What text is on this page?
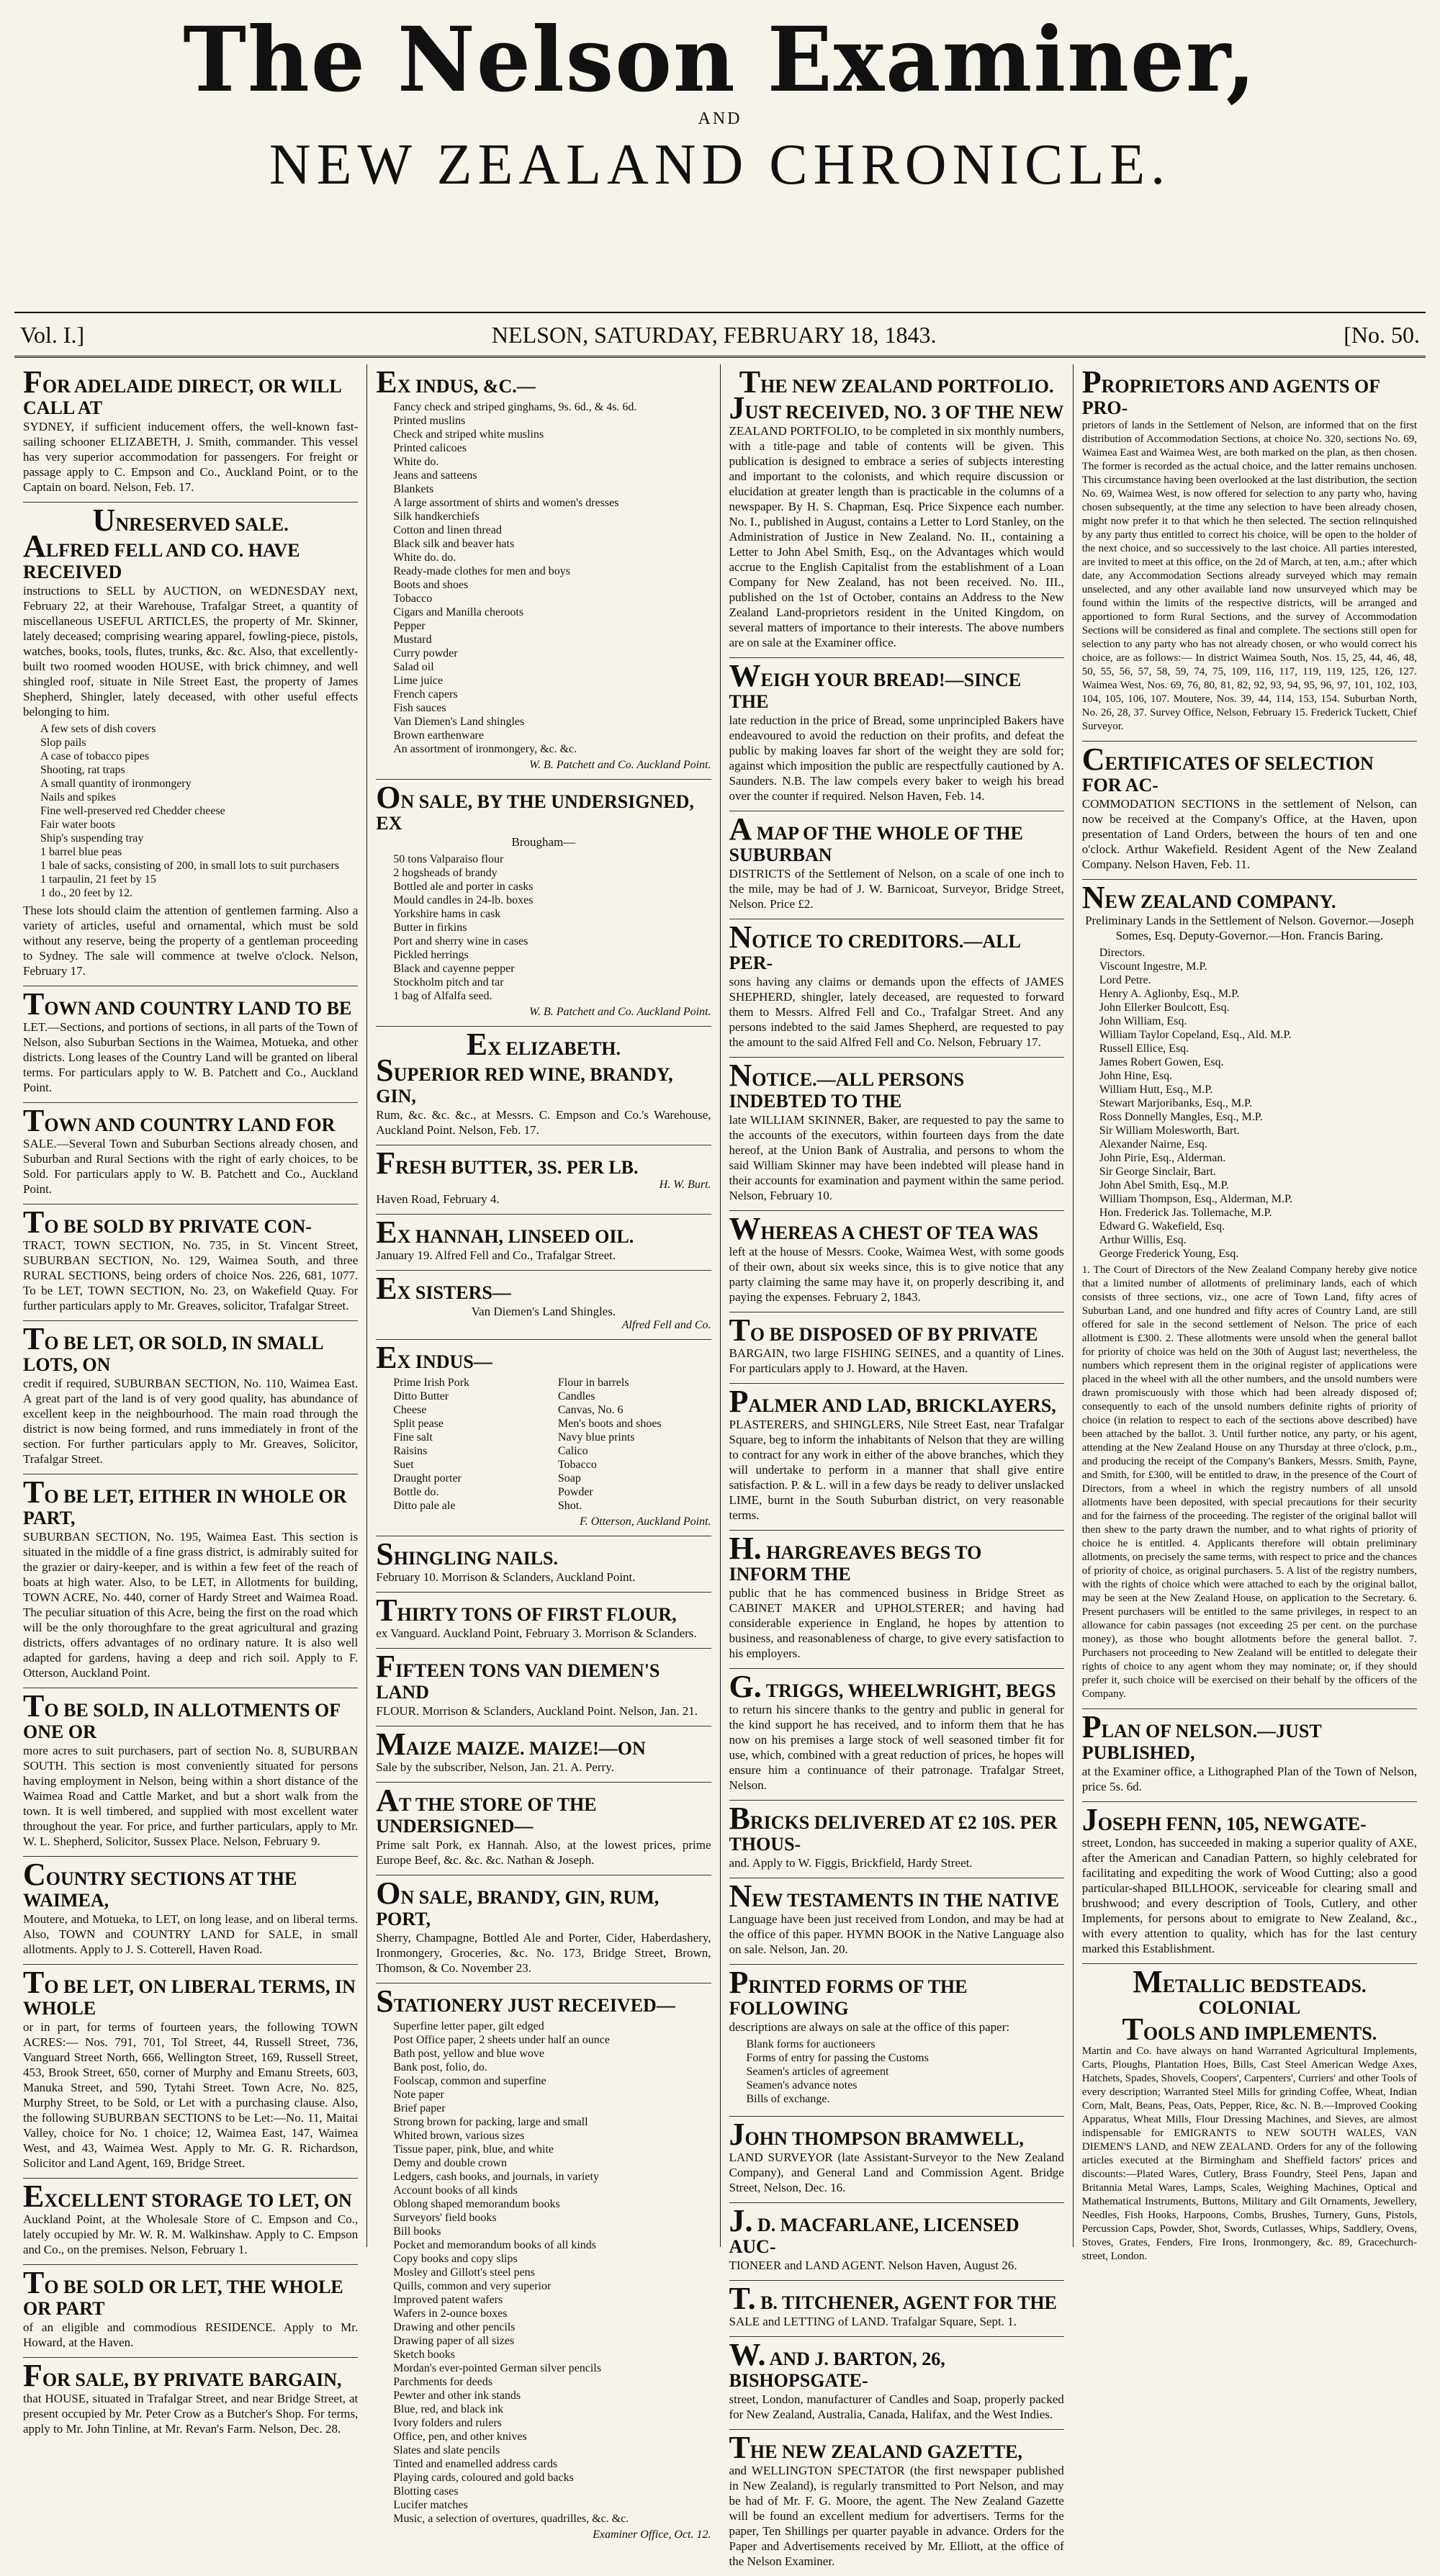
The Nelson Examiner,
AND
NEW ZEALAND CHRONICLE.
Vol. I.]	NELSON, SATURDAY, FEBRUARY 18, 1843.	[No. 50.
FOR ADELAIDE DIRECT, OR WILL CALL AT
SYDNEY, if sufficient inducement offers, the well-known fast-sailing schooner ELIZABETH, J. Smith, commander. This vessel has very superior accommodation for passengers. For freight or passage apply to C. Empson and Co., Auckland Point, or to the Captain on board. Nelson, Feb. 17.
UNRESERVED SALE.
ALFRED FELL AND CO. HAVE RECEIVED
instructions to SELL by AUCTION, on WEDNESDAY next, February 22, at their Warehouse, Trafalgar Street, a quantity of miscellaneous USEFUL ARTICLES, the property of Mr. Skinner, lately deceased; comprising wearing apparel, fowling-piece, pistols, watches, books, tools, flutes, trunks, &c. &c. Also, that excellently-built two roomed wooden HOUSE, with brick chimney, and well shingled roof, situate in Nile Street East, the property of James Shepherd, Shingler, lately deceased, with other useful effects belonging to him.
A few sets of dish covers
Slop pails
A case of tobacco pipes
Shooting, rat traps
A small quantity of ironmongery
Nails and spikes
Fine well-preserved red Chedder cheese
Fair water boots
Ship's suspending tray
1 barrel blue peas
1 bale of sacks, consisting of 200, in small lots to suit purchasers
1 tarpaulin, 21 feet by 15
1 do., 20 feet by 12.
These lots should claim the attention of gentlemen farming. Also a variety of articles, useful and ornamental, which must be sold without any reserve, being the property of a gentleman proceeding to Sydney. The sale will commence at twelve o'clock. Nelson, February 17.
TOWN AND COUNTRY LAND TO BE
LET.—Sections, and portions of sections, in all parts of the Town of Nelson, also Suburban Sections in the Waimea, Motueka, and other districts. Long leases of the Country Land will be granted on liberal terms. For particulars apply to W. B. Patchett and Co., Auckland Point.
TOWN AND COUNTRY LAND FOR
SALE.—Several Town and Suburban Sections already chosen, and Suburban and Rural Sections with the right of early choices, to be Sold. For particulars apply to W. B. Patchett and Co., Auckland Point.
TO BE SOLD BY PRIVATE CON-
TRACT, TOWN SECTION, No. 735, in St. Vincent Street, SUBURBAN SECTION, No. 129, Waimea South, and three RURAL SECTIONS, being orders of choice Nos. 226, 681, 1077. To be LET, TOWN SECTION, No. 23, on Wakefield Quay. For further particulars apply to Mr. Greaves, solicitor, Trafalgar Street.
TO BE LET, OR SOLD, IN SMALL LOTS, ON
credit if required, SUBURBAN SECTION, No. 110, Waimea East. A great part of the land is of very good quality, has abundance of excellent keep in the neighbourhood. The main road through the district is now being formed, and runs immediately in front of the section. For further particulars apply to Mr. Greaves, Solicitor, Trafalgar Street.
TO BE LET, EITHER IN WHOLE OR PART,
SUBURBAN SECTION, No. 195, Waimea East. This section is situated in the middle of a fine grass district, is admirably suited for the grazier or dairy-keeper, and is within a few feet of the reach of boats at high water. Also, to be LET, in Allotments for building, TOWN ACRE, No. 440, corner of Hardy Street and Waimea Road. The peculiar situation of this Acre, being the first on the road which will be the only thoroughfare to the great agricultural and grazing districts, offers advantages of no ordinary nature. It is also well adapted for gardens, having a deep and rich soil. Apply to F. Otterson, Auckland Point.
TO BE SOLD, IN ALLOTMENTS OF ONE OR
more acres to suit purchasers, part of section No. 8, SUBURBAN SOUTH. This section is most conveniently situated for persons having employment in Nelson, being within a short distance of the Waimea Road and Cattle Market, and but a short walk from the town. It is well timbered, and supplied with most excellent water throughout the year. For price, and further particulars, apply to Mr. W. L. Shepherd, Solicitor, Sussex Place. Nelson, February 9.
COUNTRY SECTIONS AT THE WAIMEA,
Moutere, and Motueka, to LET, on long lease, and on liberal terms. Also, TOWN and COUNTRY LAND for SALE, in small allotments. Apply to J. S. Cotterell, Haven Road.
TO BE LET, ON LIBERAL TERMS, IN WHOLE
or in part, for terms of fourteen years, the following TOWN ACRES:— Nos. 791, 701, Tol Street, 44, Russell Street, 736, Vanguard Street North, 666, Wellington Street, 169, Russell Street, 453, Brook Street, 650, corner of Murphy and Emanu Streets, 603, Manuka Street, and 590, Tytahi Street. Town Acre, No. 825, Murphy Street, to be Sold, or Let with a purchasing clause. Also, the following SUBURBAN SECTIONS to be Let:—No. 11, Maitai Valley, choice for No. 1 choice; 12, Waimea East, 147, Waimea West, and 43, Waimea West. Apply to Mr. G. R. Richardson, Solicitor and Land Agent, 169, Bridge Street.
EXCELLENT STORAGE TO LET, ON
Auckland Point, at the Wholesale Store of C. Empson and Co., lately occupied by Mr. W. R. M. Walkinshaw. Apply to C. Empson and Co., on the premises. Nelson, February 1.
TO BE SOLD OR LET, THE WHOLE OR PART
of an eligible and commodious RESIDENCE. Apply to Mr. Howard, at the Haven.
FOR SALE, BY PRIVATE BARGAIN,
that HOUSE, situated in Trafalgar Street, and near Bridge Street, at present occupied by Mr. Peter Crow as a Butcher's Shop. For terms, apply to Mr. John Tinline, at Mr. Revan's Farm. Nelson, Dec. 28.
EX INDUS, &C.—
Fancy check and striped ginghams, 9s. 6d., & 4s. 6d.
Printed muslins
Check and striped white muslins
Printed calicoes
White do.
Jeans and satteens
Blankets
A large assortment of shirts and women's dresses
Silk handkerchiefs
Cotton and linen thread
Black silk and beaver hats
White do. do.
Ready-made clothes for men and boys
Boots and shoes
Tobacco
Cigars and Manilla cheroots
Pepper
Mustard
Curry powder
Salad oil
Lime juice
French capers
Fish sauces
Van Diemen's Land shingles
Brown earthenware
An assortment of ironmongery, &c. &c.
W. B. Patchett and Co. Auckland Point.
ON SALE, BY THE UNDERSIGNED, EX
Brougham—
50 tons Valparaiso flour
2 hogsheads of brandy
Bottled ale and porter in casks
Mould candles in 24-lb. boxes
Yorkshire hams in cask
Butter in firkins
Port and sherry wine in cases
Pickled herrings
Black and cayenne pepper
Stockholm pitch and tar
1 bag of Alfalfa seed.
W. B. Patchett and Co. Auckland Point.
EX ELIZABETH.
SUPERIOR RED WINE, BRANDY, GIN,
Rum, &c. &c. &c., at Messrs. C. Empson and Co.'s Warehouse, Auckland Point. Nelson, Feb. 17.
FRESH BUTTER, 3S. PER LB.
H. W. Burt.
Haven Road, February 4.
EX HANNAH, LINSEED OIL.
January 19. Alfred Fell and Co., Trafalgar Street.
EX SISTERS—
Van Diemen's Land Shingles.
Alfred Fell and Co.
EX INDUS—
Prime Irish Pork
Ditto Butter
Cheese
Split pease
Fine salt
Raisins
Suet
Draught porter
Bottle do.
Ditto pale ale
Flour in barrels
Candles
Canvas, No. 6
Men's boots and shoes
Navy blue prints
Calico
Tobacco
Soap
Powder
Shot.
F. Otterson, Auckland Point.
SHINGLING NAILS.
February 10. Morrison & Sclanders, Auckland Point.
THIRTY TONS OF FIRST FLOUR,
ex Vanguard. Auckland Point, February 3. Morrison & Sclanders.
FIFTEEN TONS VAN DIEMEN'S LAND
FLOUR. Morrison & Sclanders, Auckland Point. Nelson, Jan. 21.
MAIZE MAIZE. MAIZE!—ON
Sale by the subscriber, Nelson, Jan. 21. A. Perry.
AT THE STORE OF THE UNDERSIGNED—
Prime salt Pork, ex Hannah. Also, at the lowest prices, prime Europe Beef, &c. &c. &c. Nathan & Joseph.
ON SALE, BRANDY, GIN, RUM, PORT,
Sherry, Champagne, Bottled Ale and Porter, Cider, Haberdashery, Ironmongery, Groceries, &c. No. 173, Bridge Street, Brown, Thomson, & Co. November 23.
STATIONERY JUST RECEIVED—
Superfine letter paper, gilt edged
Post Office paper, 2 sheets under half an ounce
Bath post, yellow and blue wove
Bank post, folio, do.
Foolscap, common and superfine
Note paper
Brief paper
Strong brown for packing, large and small
Whited brown, various sizes
Tissue paper, pink, blue, and white
Demy and double crown
Ledgers, cash books, and journals, in variety
Account books of all kinds
Oblong shaped memorandum books
Surveyors' field books
Bill books
Pocket and memorandum books of all kinds
Copy books and copy slips
Mosley and Gillott's steel pens
Quills, common and very superior
Improved patent wafers
Wafers in 2-ounce boxes
Drawing and other pencils
Drawing paper of all sizes
Sketch books
Mordan's ever-pointed German silver pencils
Parchments for deeds
Pewter and other ink stands
Blue, red, and black ink
Ivory folders and rulers
Office, pen, and other knives
Slates and slate pencils
Tinted and enamelled address cards
Playing cards, coloured and gold backs
Blotting cases
Lucifer matches
Music, a selection of overtures, quadrilles, &c. &c.
Examiner Office, Oct. 12.
THE NEW ZEALAND PORTFOLIO.
JUST RECEIVED, NO. 3 OF THE NEW
ZEALAND PORTFOLIO, to be completed in six monthly numbers, with a title-page and table of contents will be given. This publication is designed to embrace a series of subjects interesting and important to the colonists, and which require discussion or elucidation at greater length than is practicable in the columns of a newspaper. By H. S. Chapman, Esq. Price Sixpence each number. No. I., published in August, contains a Letter to Lord Stanley, on the Administration of Justice in New Zealand. No. II., containing a Letter to John Abel Smith, Esq., on the Advantages which would accrue to the English Capitalist from the establishment of a Loan Company for New Zealand, has not been received. No. III., published on the 1st of October, contains an Address to the New Zealand Land-proprietors resident in the United Kingdom, on several matters of importance to their interests. The above numbers are on sale at the Examiner office.
WEIGH YOUR BREAD!—SINCE THE
late reduction in the price of Bread, some unprincipled Bakers have endeavoured to avoid the reduction on their profits, and defeat the public by making loaves far short of the weight they are sold for; against which imposition the public are respectfully cautioned by A. Saunders. N.B. The law compels every baker to weigh his bread over the counter if required. Nelson Haven, Feb. 14.
A MAP OF THE WHOLE OF THE SUBURBAN
DISTRICTS of the Settlement of Nelson, on a scale of one inch to the mile, may be had of J. W. Barnicoat, Surveyor, Bridge Street, Nelson. Price £2.
NOTICE TO CREDITORS.—ALL PER-
sons having any claims or demands upon the effects of JAMES SHEPHERD, shingler, lately deceased, are requested to forward them to Messrs. Alfred Fell and Co., Trafalgar Street. And any persons indebted to the said James Shepherd, are requested to pay the amount to the said Alfred Fell and Co. Nelson, February 17.
NOTICE.—ALL PERSONS INDEBTED TO THE
late WILLIAM SKINNER, Baker, are requested to pay the same to the accounts of the executors, within fourteen days from the date hereof, at the Union Bank of Australia, and persons to whom the said William Skinner may have been indebted will please hand in their accounts for examination and payment within the same period. Nelson, February 10.
WHEREAS A CHEST OF TEA WAS
left at the house of Messrs. Cooke, Waimea West, with some goods of their own, about six weeks since, this is to give notice that any party claiming the same may have it, on properly describing it, and paying the expenses. February 2, 1843.
TO BE DISPOSED OF BY PRIVATE
BARGAIN, two large FISHING SEINES, and a quantity of Lines. For particulars apply to J. Howard, at the Haven.
PALMER AND LAD, BRICKLAYERS,
PLASTERERS, and SHINGLERS, Nile Street East, near Trafalgar Square, beg to inform the inhabitants of Nelson that they are willing to contract for any work in either of the above branches, which they will undertake to perform in a manner that shall give entire satisfaction. P. & L. will in a few days be ready to deliver unslacked LIME, burnt in the South Suburban district, on very reasonable terms.
H. HARGREAVES BEGS TO INFORM THE
public that he has commenced business in Bridge Street as CABINET MAKER and UPHOLSTERER; and having had considerable experience in England, he hopes by attention to business, and reasonableness of charge, to give every satisfaction to his employers.
G. TRIGGS, WHEELWRIGHT, BEGS
to return his sincere thanks to the gentry and public in general for the kind support he has received, and to inform them that he has now on his premises a large stock of well seasoned timber fit for use, which, combined with a great reduction of prices, he hopes will ensure him a continuance of their patronage. Trafalgar Street, Nelson.
BRICKS DELIVERED AT £2 10S. PER THOUS-
and. Apply to W. Figgis, Brickfield, Hardy Street.
NEW TESTAMENTS IN THE NATIVE
Language have been just received from London, and may be had at the office of this paper. HYMN BOOK in the Native Language also on sale. Nelson, Jan. 20.
PRINTED FORMS OF THE FOLLOWING
descriptions are always on sale at the office of this paper:
Blank forms for auctioneers
Forms of entry for passing the Customs
Seamen's articles of agreement
Seamen's advance notes
Bills of exchange.
JOHN THOMPSON BRAMWELL,
LAND SURVEYOR (late Assistant-Surveyor to the New Zealand Company), and General Land and Commission Agent. Bridge Street, Nelson, Dec. 16.
J. D. MACFARLANE, LICENSED AUC-
TIONEER and LAND AGENT. Nelson Haven, August 26.
T. B. TITCHENER, AGENT FOR THE
SALE and LETTING of LAND. Trafalgar Square, Sept. 1.
W. AND J. BARTON, 26, BISHOPSGATE-
street, London, manufacturer of Candles and Soap, properly packed for New Zealand, Australia, Canada, Halifax, and the West Indies.
THE NEW ZEALAND GAZETTE,
and WELLINGTON SPECTATOR (the first newspaper published in New Zealand), is regularly transmitted to Port Nelson, and may be had of Mr. F. G. Moore, the agent. The New Zealand Gazette will be found an excellent medium for advertisers. Terms for the paper, Ten Shillings per quarter payable in advance. Orders for the Paper and Advertisements received by Mr. Elliott, at the office of the Nelson Examiner.
PROPRIETORS AND AGENTS OF PRO-
prietors of lands in the Settlement of Nelson, are informed that on the first distribution of Accommodation Sections, at choice No. 320, sections No. 69, Waimea East and Waimea West, are both marked on the plan, as then chosen. The former is recorded as the actual choice, and the latter remains unchosen. This circumstance having been overlooked at the last distribution, the section No. 69, Waimea West, is now offered for selection to any party who, having chosen subsequently, at the time any selection to have been already chosen, might now prefer it to that which he then selected. The section relinquished by any party thus entitled to correct his choice, will be open to the holder of the next choice, and so successively to the last choice. All parties interested, are invited to meet at this office, on the 2d of March, at ten, a.m.; after which date, any Accommodation Sections already surveyed which may remain unselected, and any other available land now unsurveyed which may be found within the limits of the respective districts, will be arranged and apportioned to form Rural Sections, and the survey of Accommodation Sections will be considered as final and complete. The sections still open for selection to any party who has not already chosen, or who would correct his choice, are as follows:— In district Waimea South, Nos. 15, 25, 44, 46, 48, 50, 55, 56, 57, 58, 59, 74, 75, 109, 116, 117, 119, 119, 125, 126, 127. Waimea West, Nos. 69, 76, 80, 81, 82, 92, 93, 94, 95, 96, 97, 101, 102, 103, 104, 105, 106, 107. Moutere, Nos. 39, 44, 114, 153, 154. Suburban North, No. 26, 28, 37. Survey Office, Nelson, February 15. Frederick Tuckett, Chief Surveyor.
CERTIFICATES OF SELECTION FOR AC-
COMMODATION SECTIONS in the settlement of Nelson, can now be received at the Company's Office, at the Haven, upon presentation of Land Orders, between the hours of ten and one o'clock. Arthur Wakefield. Resident Agent of the New Zealand Company. Nelson Haven, Feb. 11.
NEW ZEALAND COMPANY.
Preliminary Lands in the Settlement of Nelson. Governor.—Joseph Somes, Esq. Deputy-Governor.—Hon. Francis Baring.
Directors.
Viscount Ingestre, M.P.
Lord Petre.
Henry A. Aglionby, Esq., M.P.
John Ellerker Boulcott, Esq.
John William, Esq.
William Taylor Copeland, Esq., Ald. M.P.
Russell Ellice, Esq.
James Robert Gowen, Esq.
John Hine, Esq.
William Hutt, Esq., M.P.
Stewart Marjoribanks, Esq., M.P.
Ross Donnelly Mangles, Esq., M.P.
Sir William Molesworth, Bart.
Alexander Nairne, Esq.
John Pirie, Esq., Alderman.
Sir George Sinclair, Bart.
John Abel Smith, Esq., M.P.
William Thompson, Esq., Alderman, M.P.
Hon. Frederick Jas. Tollemache, M.P.
Edward G. Wakefield, Esq.
Arthur Willis, Esq.
George Frederick Young, Esq.
1. The Court of Directors of the New Zealand Company hereby give notice that a limited number of allotments of preliminary lands, each of which consists of three sections, viz., one acre of Town Land, fifty acres of Suburban Land, and one hundred and fifty acres of Country Land, are still offered for sale in the second settlement of Nelson. The price of each allotment is £300. 2. These allotments were unsold when the general ballot for priority of choice was held on the 30th of August last; nevertheless, the numbers which represent them in the original register of applications were placed in the wheel with all the other numbers, and the unsold numbers were drawn promiscuously with those which had been already disposed of; consequently to each of the unsold numbers definite rights of priority of choice (in relation to respect to each of the sections above described) have been attached by the ballot. 3. Until further notice, any party, or his agent, attending at the New Zealand House on any Thursday at three o'clock, p.m., and producing the receipt of the Company's Bankers, Messrs. Smith, Payne, and Smith, for £300, will be entitled to draw, in the presence of the Court of Directors, from a wheel in which the registry numbers of all unsold allotments have been deposited, with special precautions for their security and for the fairness of the proceeding. The register of the original ballot will then shew to the party drawn the number, and to what rights of priority of choice he is entitled. 4. Applicants therefore will obtain preliminary allotments, on precisely the same terms, with respect to price and the chances of priority of choice, as original purchasers. 5. A list of the registry numbers, with the rights of choice which were attached to each by the original ballot, may be seen at the New Zealand House, on application to the Secretary. 6. Present purchasers will be entitled to the same privileges, in respect to an allowance for cabin passages (not exceeding 25 per cent. on the purchase money), as those who bought allotments before the general ballot. 7. Purchasers not proceeding to New Zealand will be entitled to delegate their rights of choice to any agent whom they may nominate; or, if they should prefer it, such choice will be exercised on their behalf by the officers of the Company.
PLAN OF NELSON.—JUST PUBLISHED,
at the Examiner office, a Lithographed Plan of the Town of Nelson, price 5s. 6d.
JOSEPH FENN, 105, NEWGATE-
street, London, has succeeded in making a superior quality of AXE, after the American and Canadian Pattern, so highly celebrated for facilitating and expediting the work of Wood Cutting; also a good particular-shaped BILLHOOK, serviceable for clearing small and brushwood; and every description of Tools, Cutlery, and other Implements, for persons about to emigrate to New Zealand, &c., with every attention to quality, which has for the last century marked this Establishment.
METALLIC BEDSTEADS. COLONIAL
TOOLS AND IMPLEMENTS.
Martin and Co. have always on hand Warranted Agricultural Implements, Carts, Ploughs, Plantation Hoes, Bills, Cast Steel American Wedge Axes, Hatchets, Spades, Shovels, Coopers', Carpenters', Curriers' and other Tools of every description; Warranted Steel Mills for grinding Coffee, Wheat, Indian Corn, Malt, Beans, Peas, Oats, Pepper, Rice, &c. N. B.—Improved Cooking Apparatus, Wheat Mills, Flour Dressing Machines, and Sieves, are almost indispensable for EMIGRANTS to NEW SOUTH WALES, VAN DIEMEN'S LAND, and NEW ZEALAND. Orders for any of the following articles executed at the Birmingham and Sheffield factors' prices and discounts:—Plated Wares, Cutlery, Brass Foundry, Steel Pens, Japan and Britannia Metal Wares, Lamps, Scales, Weighing Machines, Optical and Mathematical Instruments, Buttons, Military and Gilt Ornaments, Jewellery, Needles, Fish Hooks, Harpoons, Combs, Brushes, Turnery, Guns, Pistols, Percussion Caps, Powder, Shot, Swords, Cutlasses, Whips, Saddlery, Ovens, Stoves, Grates, Fenders, Fire Irons, Ironmongery, &c. 89, Gracechurch-street, London.
